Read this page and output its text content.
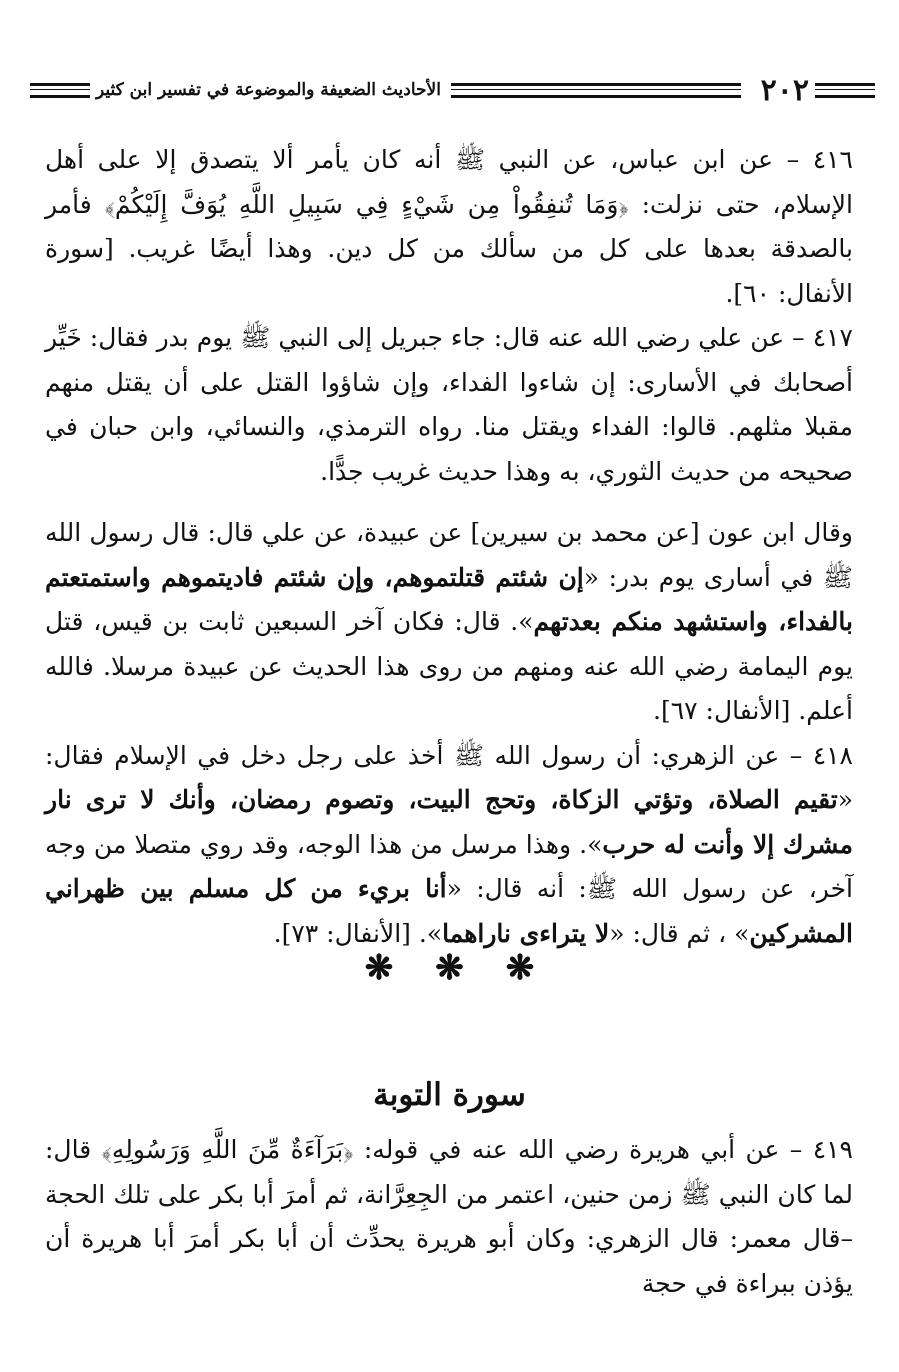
٢٠٢
الأحاديث الضعيفة والموضوعة في تفسير ابن كثير

٤١٦ – عن ابن عباس، عن النبي ﷺ أنه كان يأمر ألا يتصدق إلا على أهل الإسلام، حتى نزلت: ﴿وَمَا تُنفِقُواْ مِن شَيْءٍ فِي سَبِيلِ اللَّهِ يُوَفَّ إِلَيْكُمْ﴾ فأمر بالصدقة بعدها على كل من سألك من كل دين. وهذا أيضًا غريب. [سورة الأنفال: ٦٠].

٤١٧ – عن علي رضي الله عنه قال: جاء جبريل إلى النبي ﷺ يوم بدر فقال: خَيِّر أصحابك في الأسارى: إن شاءوا الفداء، وإن شاؤوا القتل على أن يقتل منهم مقبلا مثلهم. قالوا: الفداء ويقتل منا. رواه الترمذي، والنسائي، وابن حبان في صحيحه من حديث الثوري، به وهذا حديث غريب جدًّا.

وقال ابن عون [عن محمد بن سيرين] عن عبيدة، عن علي قال: قال رسول الله ﷺ في أسارى يوم بدر: «إن شئتم قتلتموهم، وإن شئتم فاديتموهم واستمتعتم بالفداء، واستشهد منكم بعدتهم». قال: فكان آخر السبعين ثابت بن قيس، قتل يوم اليمامة رضي الله عنه ومنهم من روى هذا الحديث عن عبيدة مرسلا. فالله أعلم. [الأنفال: ٦٧].

٤١٨ – عن الزهري: أن رسول الله ﷺ أخذ على رجل دخل في الإسلام فقال: «تقيم الصلاة، وتؤتي الزكاة، وتحج البيت، وتصوم رمضان، وأنك لا ترى نار مشرك إلا وأنت له حرب». وهذا مرسل من هذا الوجه، وقد روي متصلا من وجه آخر، عن رسول الله ﷺ: أنه قال: «أنا بريء من كل مسلم بين ظهراني المشركين» ، ثم قال: «لا يتراءى ناراهما». [الأنفال: ٧٣].

❋
❋
❋
سورة التوبة

٤١٩ – عن أبي هريرة رضي الله عنه في قوله: ﴿بَرَآءَةٌ مِّنَ اللَّهِ وَرَسُولِهِ﴾ قال: لما كان النبي ﷺ زمن حنين، اعتمر من الجِعِرَّانة، ثم أمرَ أبا بكر على تلك الحجة –قال معمر: قال الزهري: وكان أبو هريرة يحدِّث أن أبا بكر أمرَ أبا هريرة أن يؤذن ببراءة في حجة
